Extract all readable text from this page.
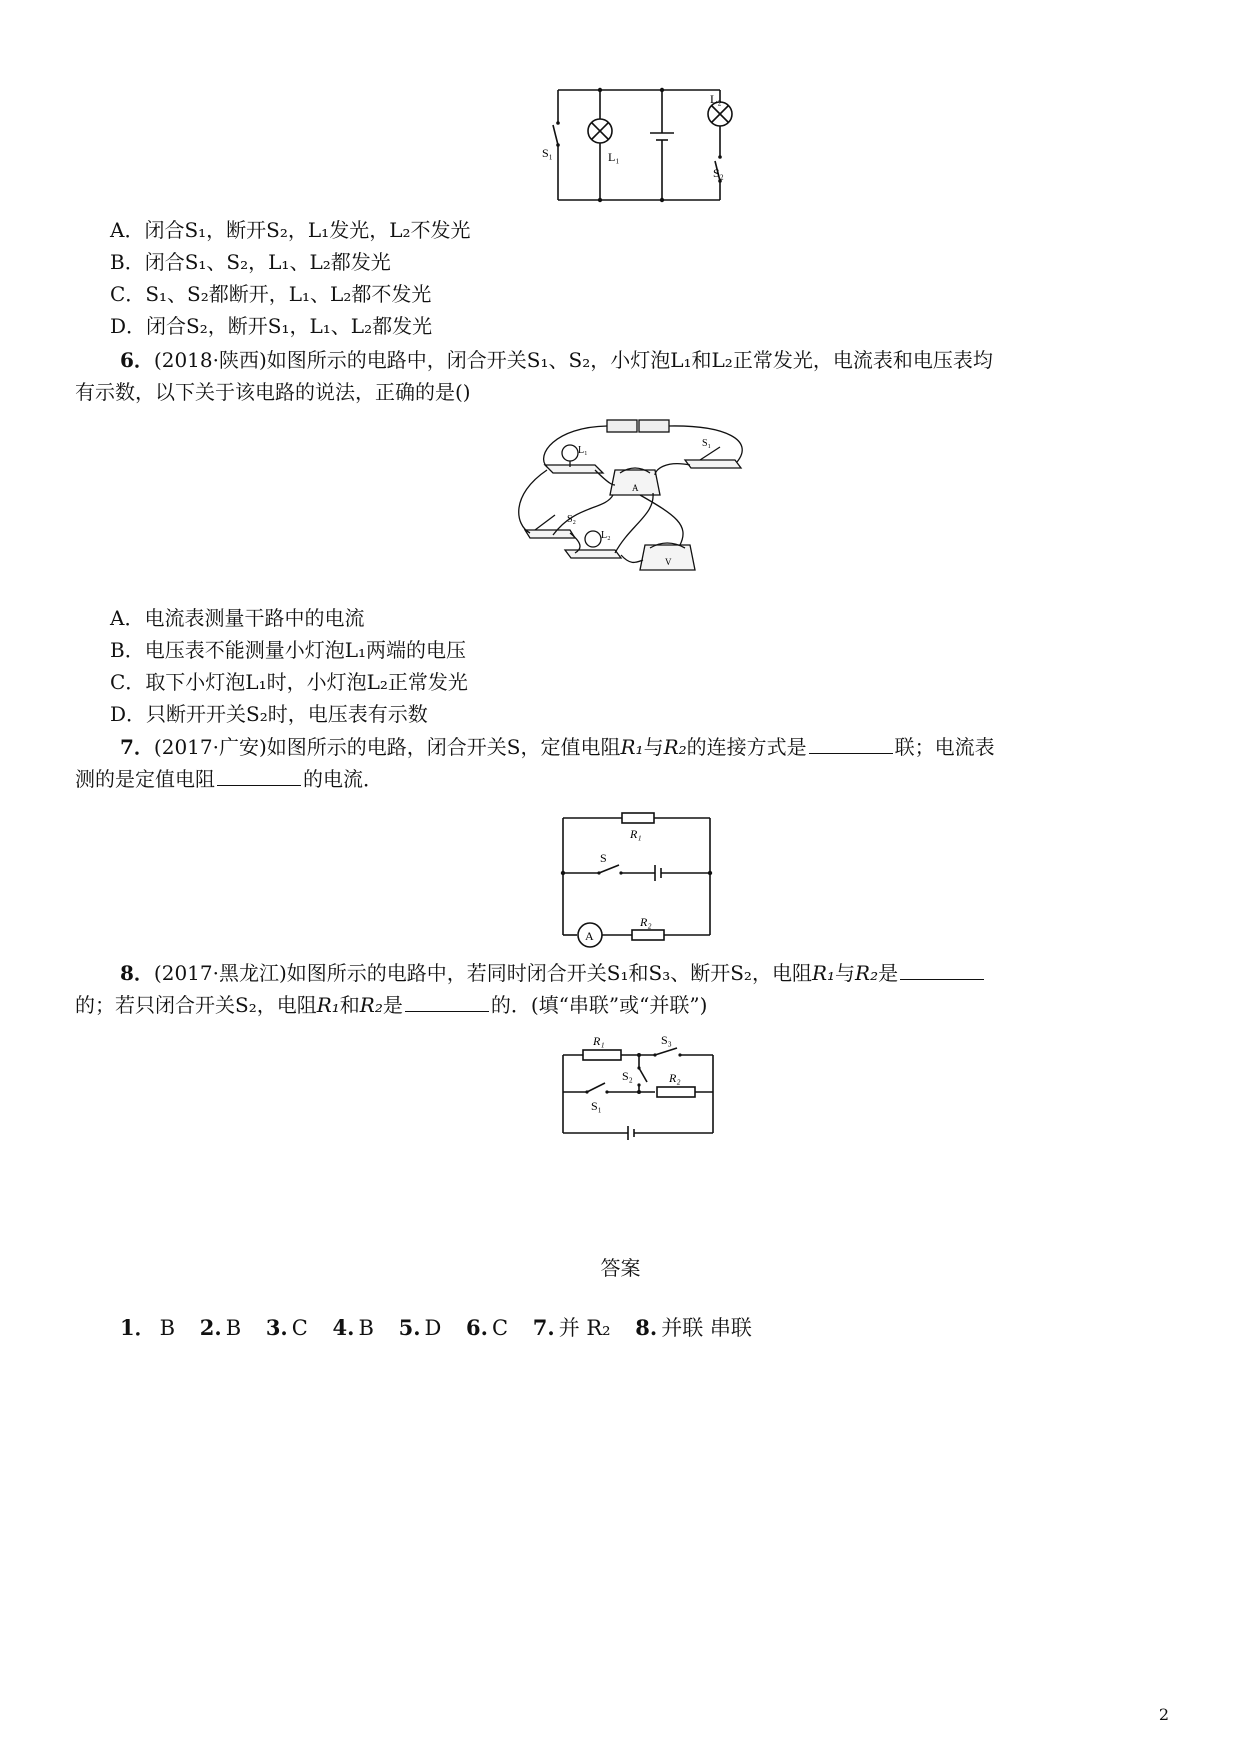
S₁	L₁
L₂
S₂
A．闭合S₁，断开S₂，L₁发光，L₂不发光
B．闭合S₁、S₂，L₁、L₂都发光
C．S₁、S₂都断开，L₁、L₂都不发光
D．闭合S₂，断开S₁，L₁、L₂都发光
6．(2018·陕西)如图所示的电路中，闭合开关S₁、S₂，小灯泡L₁和L₂正常发光，电流表和电压表均
有示数，以下关于该电路的说法，正确的是()
L₁
S₁
A
S₂
L₂
V
A．电流表测量干路中的电流
B．电压表不能测量小灯泡L₁两端的电压
C．取下小灯泡L₁时，小灯泡L₂正常发光
D．只断开开关S₂时，电压表有示数
7．(2017·广安)如图所示的电路，闭合开关S，定值电阻R₁与R₂的连接方式是	联；电流表
测的是定值电阻	的电流．
R₁
S
A
R₂
8．(2017·黑龙江)如图所示的电路中，若同时闭合开关S₁和S₃、断开S₂，电阻R₁与R₂是
的；若只闭合开关S₂，电阻R₁和R₂是	的．(填“串联”或“并联”)
R₁	S₃
S₂	R₂
S₁
答案
1． B 2. B 3. C 4. B 5. D 6. C 7. 并 R₂ 8. 并联 串联
2
